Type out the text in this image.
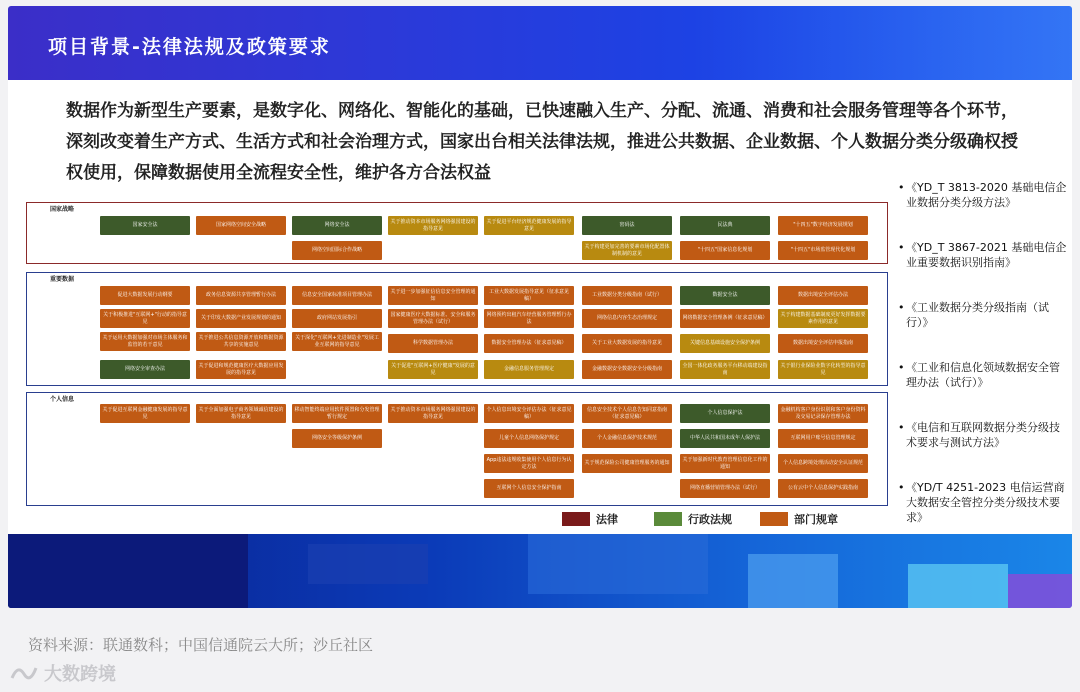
项目背景-法律法规及政策要求
数据作为新型生产要素，是数字化、网络化、智能化的基础，已快速融入生产、分配、流通、消费和社会服务管理等各个环节，深刻改变着生产方式、生活方式和社会治理方式，国家出台相关法律法规，推进公共数据、企业数据、个人数据分类分级确权授权使用，保障数据使用全流程安全性，维护各方合法权益
国家战略
重要数据
个人信息
国家安全法	国家网络空间安全战略	网络安全法
网络空间国际合作战略
关于推动资本市场服务网络强国建设的指导意见
关于促进平台经济规范健康发展的指导意见
密码法
关于构建更加完善的要素市场化配置体制机制的意见
民法典
"十四五"国家信息化规划
"十四五"数字经济发展规划
"十四五"市场监管现代化规划
促进大数据发展行动纲要
关于积极推进"互联网+"行动的指导意见
关于运用大数据加强对市场主体服务和监管的若干意见
网络安全审查办法
政务信息资源共享管理暂行办法
关于印发大数据产业发展规划的通知
关于推进公共信息资源开放和数据资源共享的实施意见
关于促进和规范健康医疗大数据应用发展的指导意见
信息安全国家标准项目管理办法
政府网站发展指引
关于深化"互联网+先进制造业"发展工业互联网的指导意见
关于进一步加强征信信息安全管理的通知
国家健康医疗大数据标准、安全和服务管理办法（试行）
科学数据管理办法
关于促进"互联网+医疗健康"发展的意见
工业大数据发展指导意见（征求意见稿）
网络预约出租汽车经营服务管理暂行办法
数据安全管理办法（征求意见稿）
金融信息服务管理规定
工业数据分类分级指南（试行）
网络信息内容生态治理规定
关于工业大数据发展的指导意见
金融数据安全数据安全分级指南
数据安全法
网络数据安全管理条例（征求意见稿）
关键信息基础设施安全保护条例
全国一体化政务服务平台移动端建设指南
数据出境安全评估办法
关于构建数据基础制度更好发挥数据要素作用的意见
数据出境安全评估申报指南
关于银行业保险业数字化转型的指导意见
关于促进互联网金融健康发展的指导意见
关于全面加强电子商务领域诚信建设的指导意见
移动智能终端应用软件预置和分发管理暂行规定
网络安全等级保护条例
关于推动资本市场服务网络强国建设的指导意见
个人信息出境安全评估办法（征求意见稿）
儿童个人信息网络保护规定
App违法违规收集使用个人信息行为认定方法
互联网个人信息安全保护指南
信息安全技术个人信息告知同意指南（征求意见稿）
个人金融信息保护技术规范
关于规范保险公司健康管理服务的通知
个人信息保护法
中华人民共和国未成年人保护法
关于加强新时代教育管理信息化工作的通知
网络直播营销管理办法（试行）
金融机构客户身份识别和客户身份资料及交易记录保存管理办法
互联网用户账号信息管理规定
个人信息跨境处理活动安全认证规范
公有云中个人信息保护实践指南
法律	行政法规	部门规章
• 《YD_T 3813-2020 基础电信企业数据分类分级方法》
• 《YD_T 3867-2021 基础电信企业重要数据识别指南》
• 《工业数据分类分级指南（试行）》
• 《工业和信息化领域数据安全管理办法（试行）》
• 《电信和互联网数据分类分级技术要求与测试方法》
• 《YD/T 4251-2023 电信运营商大数据安全管控分类分级技术要求》
资料来源：联通数科；中国信通院云大所；沙丘社区
大数跨境
